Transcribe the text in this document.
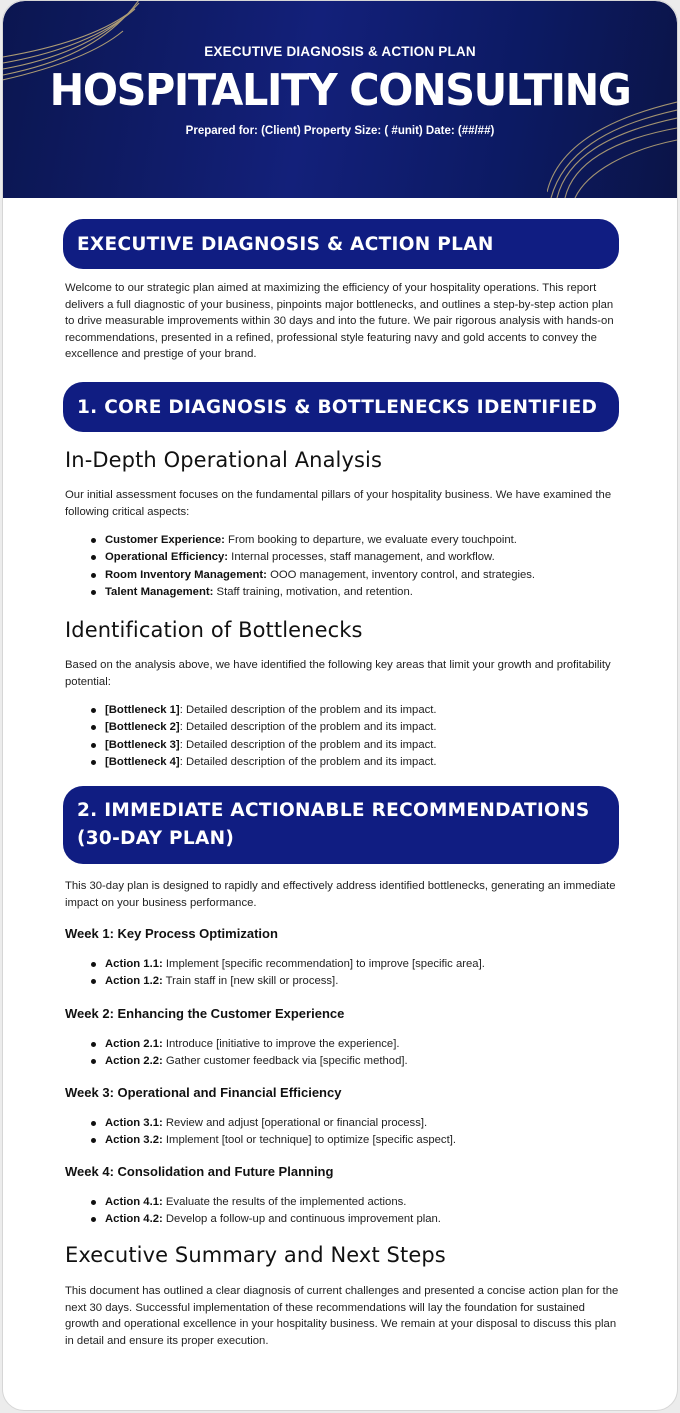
EXECUTIVE DIAGNOSIS & ACTION PLAN
HOSPITALITY CONSULTING
Prepared for: (Client) Property Size: ( #unit) Date: (##/##)
EXECUTIVE DIAGNOSIS & ACTION PLAN

Welcome to our strategic plan aimed at maximizing the efficiency of your hospitality operations. This report delivers a full diagnostic of your business, pinpoints major bottlenecks, and outlines a step-by-step action plan to drive measurable improvements within 30 days and into the future. We pair rigorous analysis with hands-on recommendations, presented in a refined, professional style featuring navy and gold accents to convey the excellence and prestige of your brand.

1. CORE DIAGNOSIS & BOTTLENECKS IDENTIFIED
In-Depth Operational Analysis

Our initial assessment focuses on the fundamental pillars of your hospitality business. We have examined the following critical aspects:

Customer Experience: From booking to departure, we evaluate every touchpoint.
Operational Efficiency: Internal processes, staff management, and workflow.
Room Inventory Management: OOO management, inventory control, and strategies.
Talent Management: Staff training, motivation, and retention.
Identification of Bottlenecks

Based on the analysis above, we have identified the following key areas that limit your growth and profitability potential:

[Bottleneck 1]: Detailed description of the problem and its impact.
[Bottleneck 2]: Detailed description of the problem and its impact.
[Bottleneck 3]: Detailed description of the problem and its impact.
[Bottleneck 4]: Detailed description of the problem and its impact.
2. IMMEDIATE ACTIONABLE RECOMMENDATIONS
(30-DAY PLAN)

This 30-day plan is designed to rapidly and effectively address identified bottlenecks, generating an immediate impact on your business performance.

Week 1: Key Process Optimization
Action 1.1: Implement [specific recommendation] to improve [specific area].
Action 1.2: Train staff in [new skill or process].
Week 2: Enhancing the Customer Experience
Action 2.1: Introduce [initiative to improve the experience].
Action 2.2: Gather customer feedback via [specific method].
Week 3: Operational and Financial Efficiency
Action 3.1: Review and adjust [operational or financial process].
Action 3.2: Implement [tool or technique] to optimize [specific aspect].
Week 4: Consolidation and Future Planning
Action 4.1: Evaluate the results of the implemented actions.
Action 4.2: Develop a follow-up and continuous improvement plan.
Executive Summary and Next Steps

This document has outlined a clear diagnosis of current challenges and presented a concise action plan for the next 30 days. Successful implementation of these recommendations will lay the foundation for sustained growth and operational excellence in your hospitality business. We remain at your disposal to discuss this plan in detail and ensure its proper execution.
